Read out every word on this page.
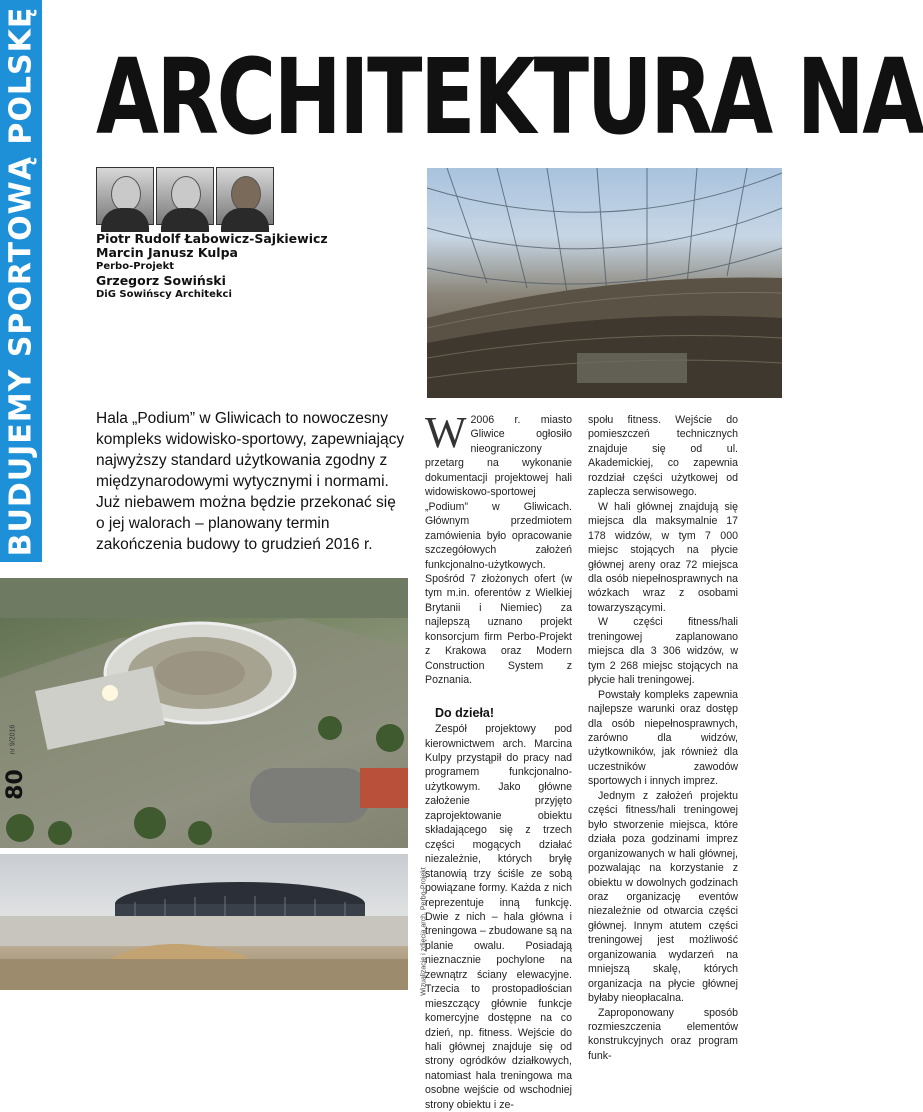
BUDUJEMY SPORTOWĄ POLSKĘ ARCHITEKTURA NA
Piotr Rudolf Łabowicz-Sajkiewicz
Marcin Janusz Kulpa
Perbo-Projekt
Grzegorz Sowiński
DiG Sowińscy Architekci
Hala „Podium” w Gliwicach to nowoczesny kompleks widowisko-sportowy, zapewniający najwyższy standard użytkowania zgodny z międzynarodowymi wytycznymi i normami. Już niebawem można będzie przekonać się o jej walorach – planowany termin zakończenia budowy to grudzień 2016 r.
80
nr 9/2016
Wizualizacje i zdjęcia arch. Perbo-Projekt

W 2006 r. miasto Gliwice ogłosiło nieograniczony przetarg na wykonanie dokumentacji projektowej hali widowiskowo-sportowej „Podium” w Gliwicach. Głównym przedmiotem zamówienia było opracowanie szczegółowych założeń funkcjonalno-użytkowych. Spośród 7 złożonych ofert (w tym m.in. oferentów z Wielkiej Brytanii i Niemiec) za najlepszą uznano projekt konsorcjum firm Perbo-Projekt z Krakowa oraz Modern Construction System z Poznania.

Do dzieła!

Zespół projektowy pod kierownictwem arch. Marcina Kulpy przystąpił do pracy nad programem funkcjonalno-użytkowym. Jako główne założenie przyjęto zaprojektowanie obiektu składającego się z trzech części mogących działać niezależnie, których bryłę stanowią trzy ściśle ze sobą powiązane formy. Każda z nich reprezentuje inną funkcję. Dwie z nich – hala główna i treningowa – zbudowane są na planie owalu. Posiadają nieznacznie pochylone na zewnątrz ściany elewacyjne. Trzecia to prostopadłościan mieszczący głównie funkcje komercyjne dostępne na co dzień, np. fitness. Wejście do hali głównej znajduje się od strony ogródków działkowych, natomiast hala treningowa ma osobne wejście od wschodniej strony obiektu i ze-

społu fitness. Wejście do pomieszczeń technicznych znajduje się od ul. Akademickiej, co zapewnia rozdział części użytkowej od zaplecza serwisowego.

W hali głównej znajdują się miejsca dla maksymalnie 17 178 widzów, w tym 7 000 miejsc stojących na płycie głównej areny oraz 72 miejsca dla osób niepełnosprawnych na wózkach wraz z osobami towarzyszącymi.

W części fitness/hali treningowej zaplanowano miejsca dla 3 306 widzów, w tym 2 268 miejsc stojących na płycie hali treningowej.

Powstały kompleks zapewnia najlepsze warunki oraz dostęp dla osób niepełnosprawnych, zarówno dla widzów, użytkowników, jak również dla uczestników zawodów sportowych i innych imprez.

Jednym z założeń projektu części fitness/hali treningowej było stworzenie miejsca, które działa poza godzinami imprez organizowanych w hali głównej, pozwalając na korzystanie z obiektu w dowolnych godzinach oraz organizację eventów niezależnie od otwarcia części głównej. Innym atutem części treningowej jest możliwość organizowania wydarzeń na mniejszą skalę, których organizacja na płycie głównej byłaby nieopłacalna.

Zaproponowany sposób rozmieszczenia elementów konstrukcyjnych oraz program funk-
